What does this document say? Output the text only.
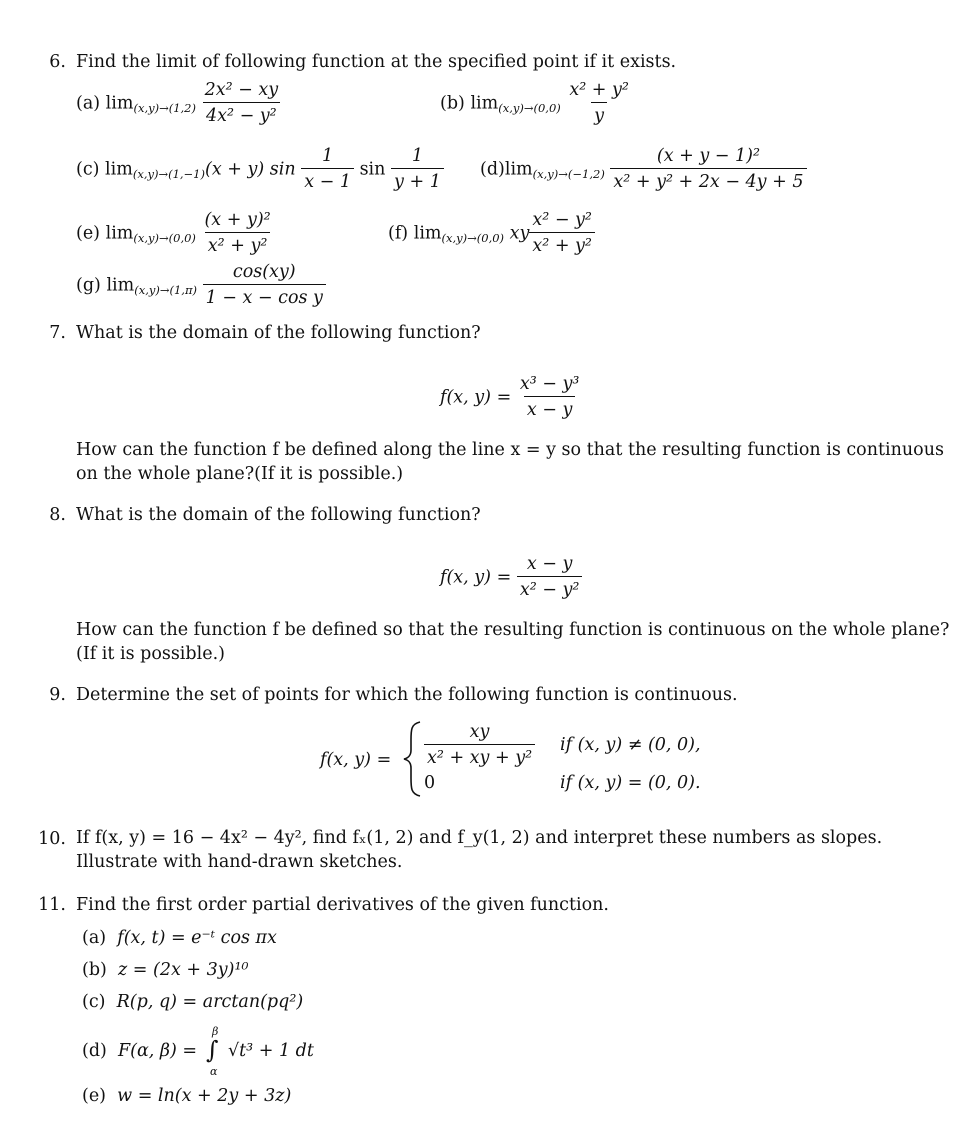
6. Find the limit of following function at the specified point if it exists.
(a) $\lim_{(x,y)\to(1,2)} \frac{\text{2x² − xy}}{\text{4x² − y²}}$	(b) $\lim_{(x,y)\to(0,0)} \frac{\text{x² + y²}}{y}$
(c) $\lim_{(x,y)\to(1,-1)}(x + y)$ $\sin \frac{1}{x - 1}$ $\sin \frac{1}{y + 1} (d)\lim_{(x,y)\to(-1,2)} \frac{\text{(x + y − 1)²}}{\text{x² + y² + 2x − 4y + 5}}$
(e) $\lim_{(x,y)\to(0,0)} \frac{\text{(x + y)²}}{\text{x² + y²}}$	(f) $\lim_{(x,y)\to(0,0)}$ xy $\frac{\text{x² − y²}}{\text{x² + y²}}$
(g) $\lim_{(x,y)\to(1,\pi)} \frac{\cos(xy)}{\text{1 − x − cos y}}$
7. What is the domain of the following function?
f(x, $y) = \frac{\text{x³ − y³}}{x - y}$
How can the function f be defined along the line x = y so that the resulting function is continuous on the whole plane?(If it is possible.)
8. What is the domain of the following function?
f(x, $y) = \frac{x - y}{\text{x² − y²}}$
How can the function f be defined so that the resulting function is continuous on the whole plane? (If it is possible.)
9. Determine the set of points for which the following function is continuous.
f(x, $y) = \frac{xy}{\text{x² + xy + y²}}$
0
if (x, y) ≠ (0, 0),
if (x, y) = (0, 0).
10. If f(x, y) = 16 − 4x² − 4y², find fₓ(1, 2) and f_y(1, 2) and interpret these numbers as slopes. Illustrate with hand-drawn sketches.
11. Find the first order partial derivatives of the given function.
(a) f(x, t) = e⁻ᵗ cos πx
(b) z = (2x + 3y)¹⁰
(c) R(p, q) = arctan(pq²)
(d) F(α, β) =
β
∫
α
√t³ + 1 dt
(e) w = ln(x + 2y + 3z)
